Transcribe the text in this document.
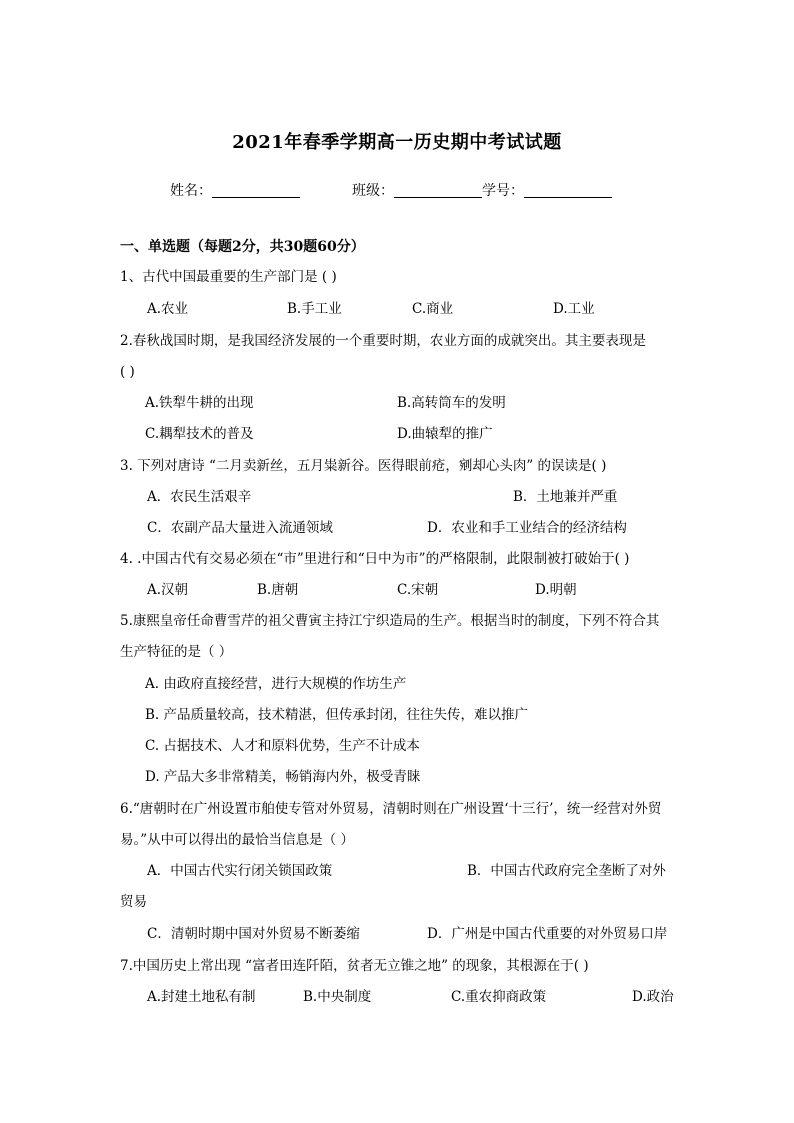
2021年春季学期高一历史期中考试试题
姓名：	班级：	学号：
一、单选题（每题2分，共30题60分）
1、古代中国最重要的生产部门是 ( )
A.农业	B.手工业	C.商业	D.工业
2.春秋战国时期，是我国经济发展的一个重要时期，农业方面的成就突出。其主要表现是
( )
A.铁犁牛耕的出现	B.高转筒车的发明
C.耦犁技术的普及	D.曲辕犁的推广
3. 下列对唐诗 “二月卖新丝，五月粜新谷。医得眼前疮，剜却心头肉” 的误读是( )
A．农民生活艰辛	B．土地兼并严重
C．农副产品大量进入流通领域	D．农业和手工业结合的经济结构
4. .中国古代有交易必须在“市”里进行和“日中为市”的严格限制，此限制被打破始于( )
A.汉朝	B.唐朝	C.宋朝	D.明朝
5.康熙皇帝任命曹雪芹的祖父曹寅主持江宁织造局的生产。根据当时的制度，下列不符合其
生产特征的是（ ）
A. 由政府直接经营，进行大规模的作坊生产
B. 产品质量较高，技术精湛，但传承封闭，往往失传，难以推广
C. 占据技术、人才和原料优势，生产不计成本
D. 产品大多非常精美，畅销海内外，极受青睐
6.“唐朝时在广州设置市舶使专管对外贸易，清朝时则在广州设置‘十三行’，统一经营对外贸
易。”从中可以得出的最恰当信息是（ ）
A．中国古代实行闭关锁国政策	B．中国古代政府完全垄断了对外
贸易
C．清朝时期中国对外贸易不断萎缩	D．广州是中国古代重要的对外贸易口岸
7.中国历史上常出现 “富者田连阡陌，贫者无立锥之地” 的现象，其根源在于( )
A.封建土地私有制	B.中央制度	C.重农抑商政策	D.政治
